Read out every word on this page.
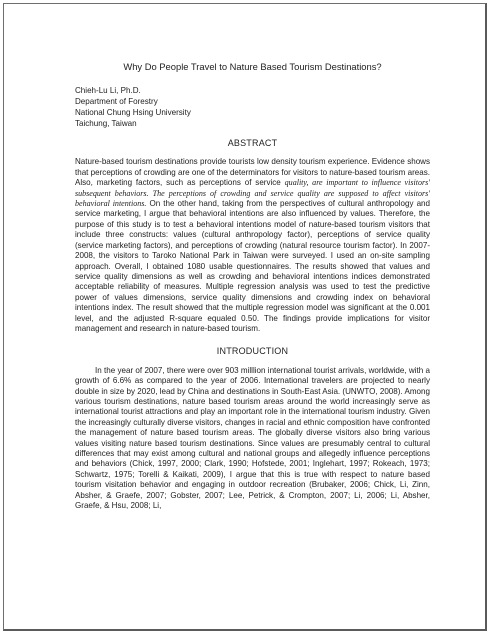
Why Do People Travel to Nature Based Tourism Destinations?
Chieh-Lu Li, Ph.D.
Department of Forestry
National Chung Hsing University
Taichung, Taiwan
ABSTRACT

Nature-based tourism destinations provide tourists low density tourism experience. Evidence shows that perceptions of crowding are one of the determinators for visitors to nature-based tourism areas. Also, marketing factors, such as perceptions of service quality, are important to influence visitors' subsequent behaviors. The perceptions of crowding and service quality are supposed to affect visitors' behavioral intentions. On the other hand, taking from the perspectives of cultural anthropology and service marketing, I argue that behavioral intentions are also influenced by values. Therefore, the purpose of this study is to test a behavioral intentions model of nature-based tourism visitors that include three constructs: values (cultural anthropology factor), perceptions of service quality (service marketing factors), and perceptions of crowding (natural resource tourism factor). In 2007-2008, the visitors to Taroko National Park in Taiwan were surveyed. I used an on-site sampling approach. Overall, I obtained 1080 usable questionnaires. The results showed that values and service quality dimensions as well as crowding and behavioral intentions indices demonstrated acceptable reliability of measures. Multiple regression analysis was used to test the predictive power of values dimensions, service quality dimensions and crowding index on behavioral intentions index. The result showed that the multiple regression model was significant at the 0.001 level, and the adjusted R-square equaled 0.50. The findings provide implications for visitor management and research in nature-based tourism.

INTRODUCTION

In the year of 2007, there were over 903 milllion international tourist arrivals, worldwide, with a growth of 6.6% as compared to the year of 2006. International travelers are projected to nearly double in size by 2020, lead by China and destinations in South-East Asia. (UNWTO, 2008). Among various tourism destinations, nature based tourism areas around the world increasingly serve as international tourist attractions and play an important role in the international tourism industry. Given the increasingly culturally diverse visitors, changes in racial and ethnic composition have confronted the management of nature based tourism areas. The globally diverse visitors also bring various values visiting nature based tourism destinations. Since values are presumably central to cultural differences that may exist among cultural and national groups and allegedly influence perceptions and behaviors (Chick, 1997, 2000; Clark, 1990; Hofstede, 2001; Inglehart, 1997; Rokeach, 1973; Schwartz, 1975; Torelli & Kaikati, 2009), I argue that this is true with respect to nature based tourism visitation behavior and engaging in outdoor recreation (Brubaker, 2006; Chick, Li, Zinn, Absher, & Graefe, 2007; Gobster, 2007; Lee, Petrick, & Crompton, 2007; Li, 2006; Li, Absher, Graefe, & Hsu, 2008; Li,
